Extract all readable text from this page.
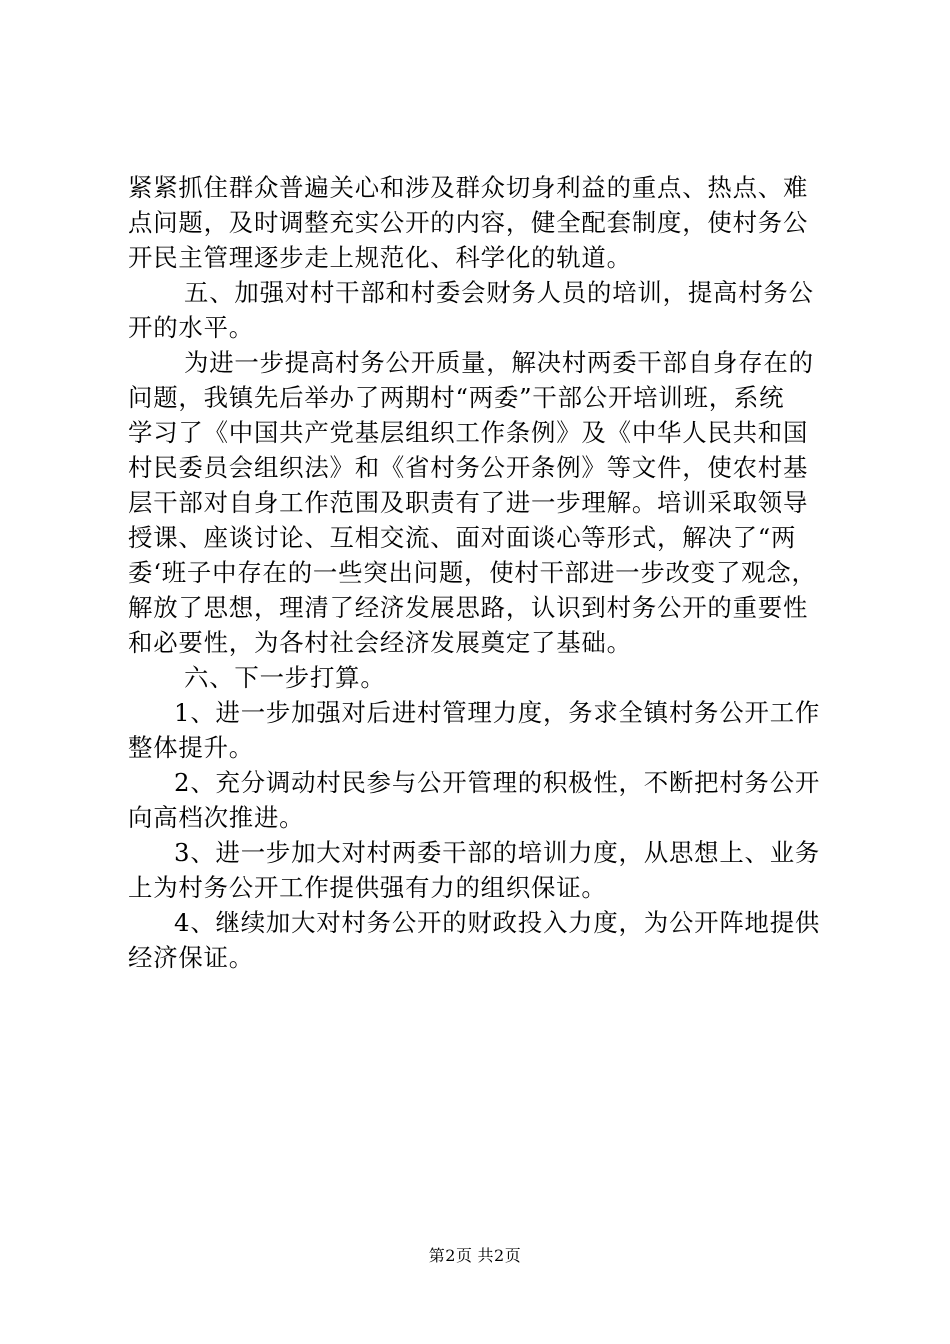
紧紧抓住群众普遍关心和涉及群众切身利益的重点、热点、难
点问题，及时调整充实公开的内容，健全配套制度，使村务公
开民主管理逐步走上规范化、科学化的轨道。
五、加强对村干部和村委会财务人员的培训，提高村务公
开的水平。
为进一步提高村务公开质量，解决村两委干部自身存在的
问题，我镇先后举办了两期村“两委”干部公开培训班，系统
学习了《中国共产党基层组织工作条例》及《中华人民共和国
村民委员会组织法》和《省村务公开条例》等文件，使农村基
层干部对自身工作范围及职责有了进一步理解。培训采取领导
授课、座谈讨论、互相交流、面对面谈心等形式，解决了“两
委‘班子中存在的一些突出问题，使村干部进一步改变了观念，
解放了思想，理清了经济发展思路，认识到村务公开的重要性
和必要性，为各村社会经济发展奠定了基础。
六、下一步打算。
1、进一步加强对后进村管理力度，务求全镇村务公开工作
整体提升。
2、充分调动村民参与公开管理的积极性，不断把村务公开
向高档次推进。
3、进一步加大对村两委干部的培训力度，从思想上、业务
上为村务公开工作提供强有力的组织保证。
4、继续加大对村务公开的财政投入力度，为公开阵地提供
经济保证。
第2页 共2页
